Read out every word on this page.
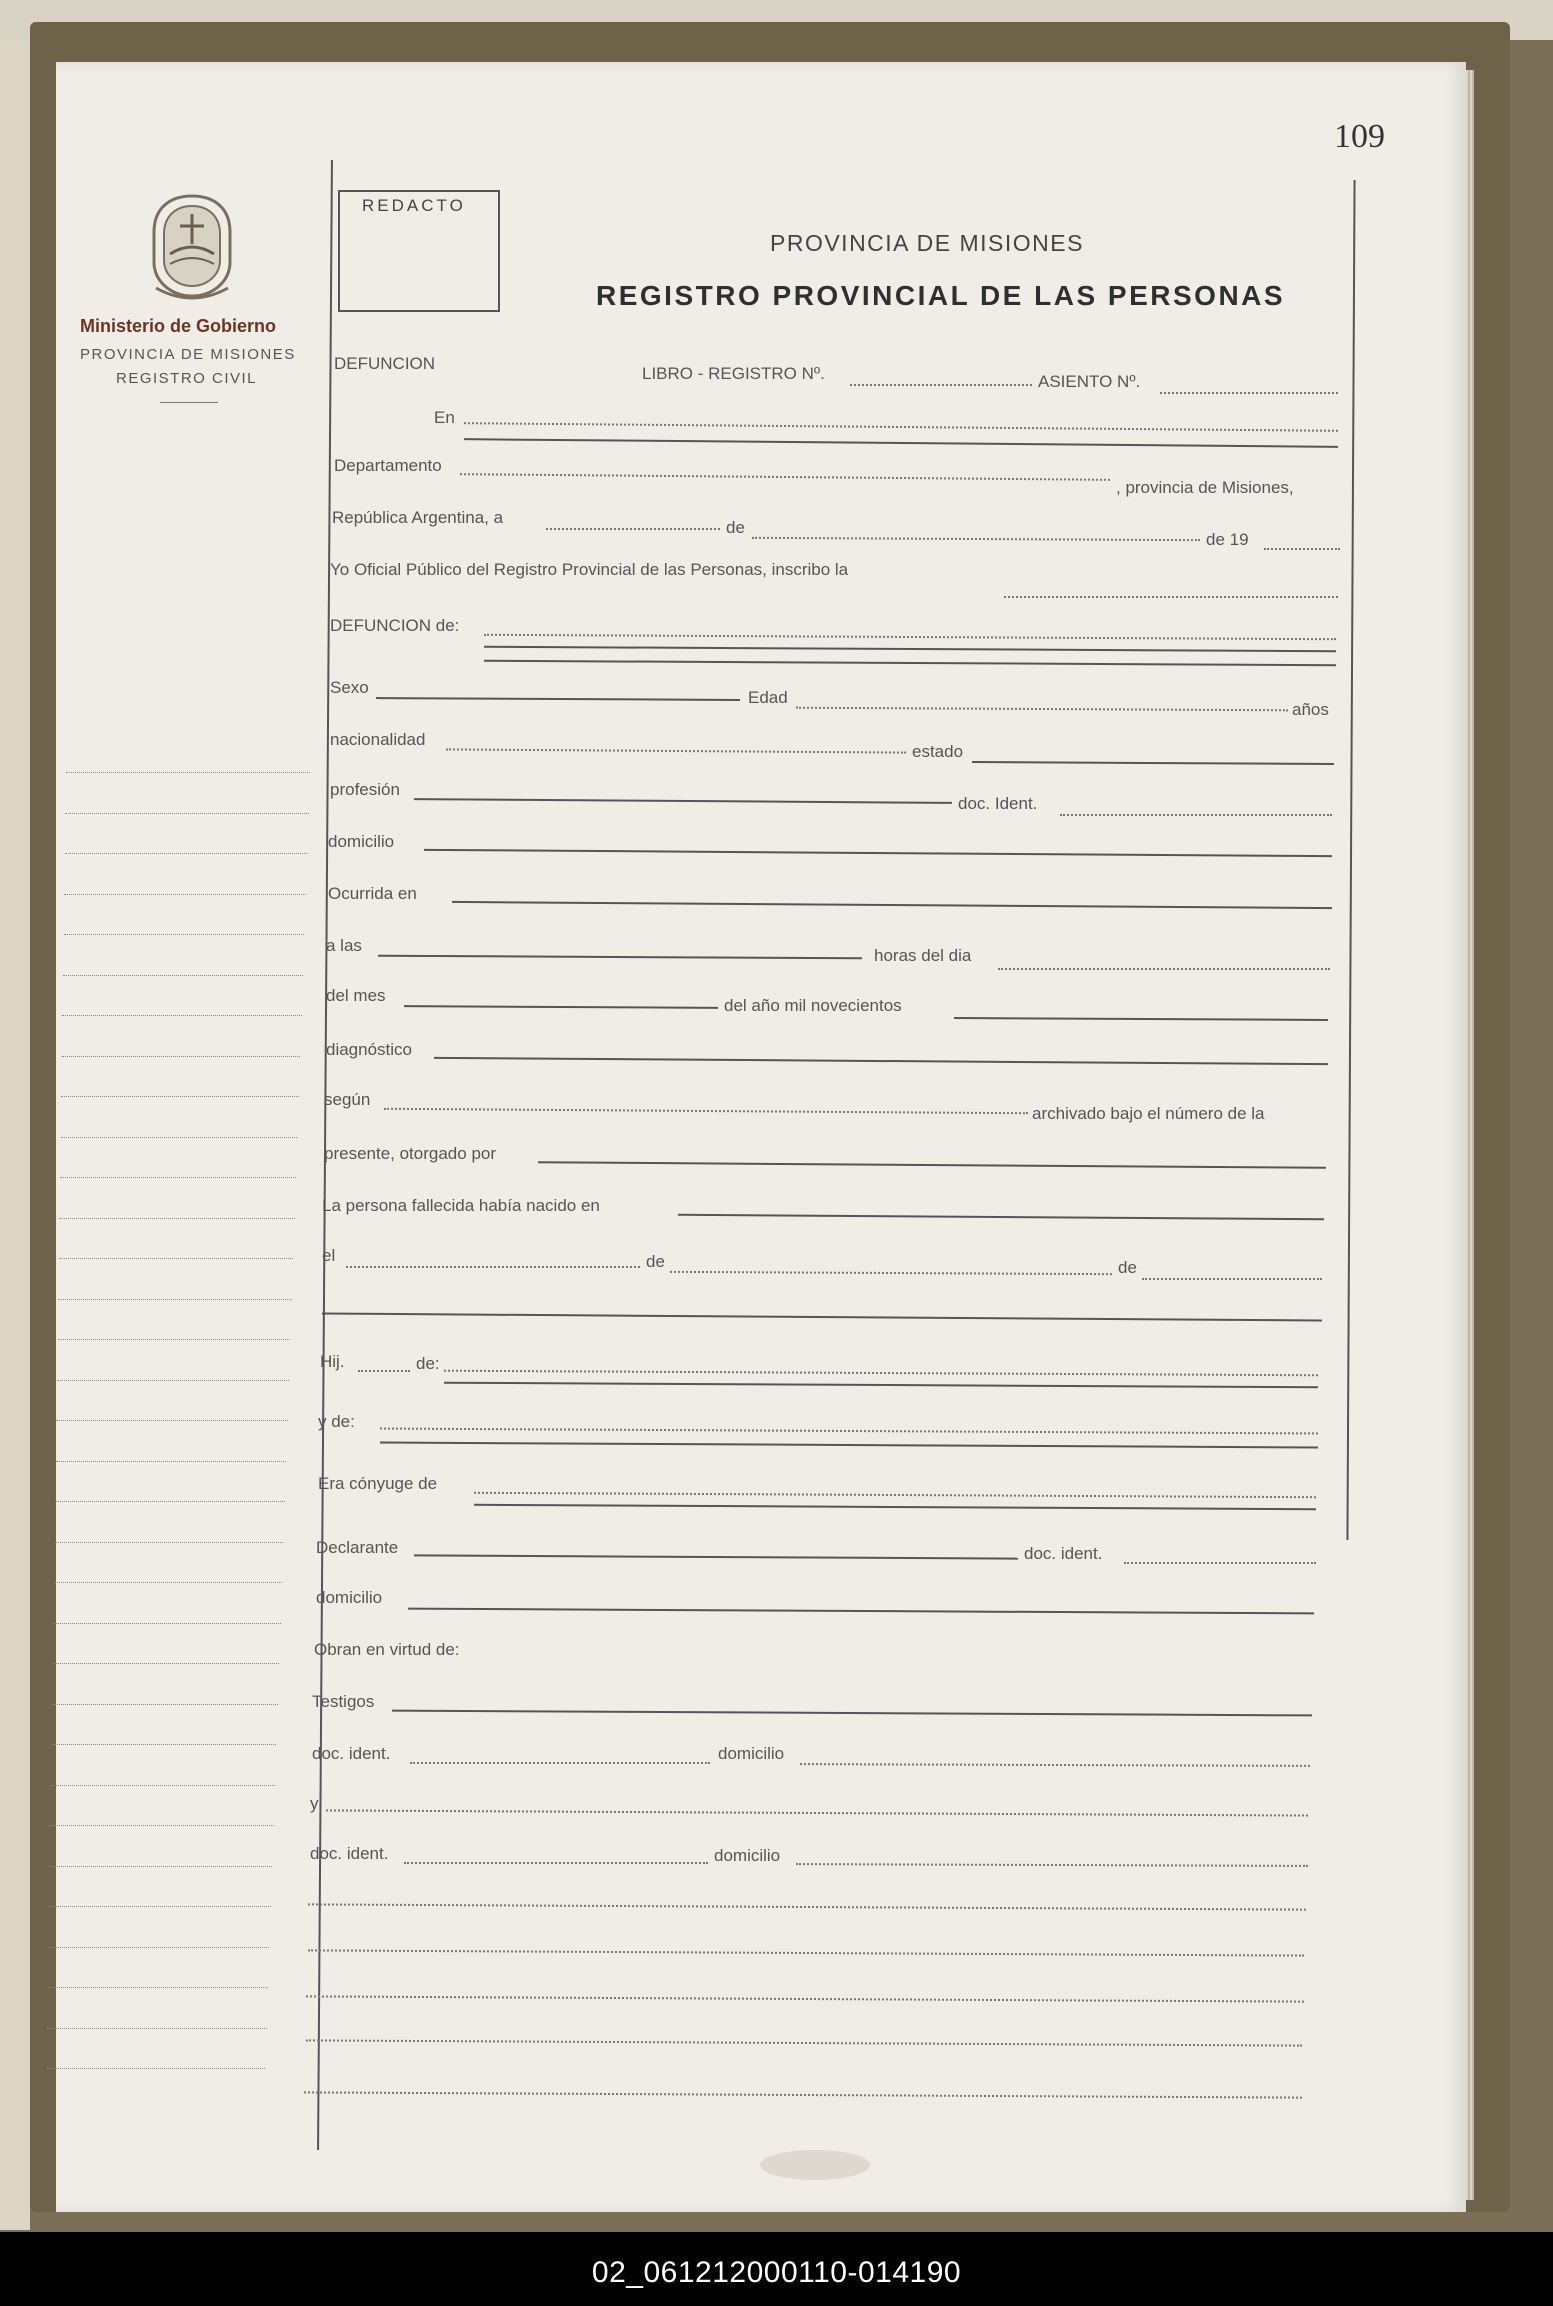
109
Ministerio de Gobierno
PROVINCIA DE MISIONES
REGISTRO CIVIL
REDACTO
PROVINCIA DE MISIONES
REGISTRO PROVINCIAL DE LAS PERSONAS
DEFUNCION
LIBRO - REGISTRO Nº.	ASIENTO Nº.
En
Departamento
, provincia de Misiones,
República Argentina, a
de
de 19
Yo Oficial Público del Registro Provincial de las Personas, inscribo la
DEFUNCION de:
Sexo
Edad
años
nacionalidad
estado
profesión
doc. Ident.
domicilio
Ocurrida en
a las
horas del dia
del mes
del año mil novecientos
diagnóstico
según
archivado bajo el número de la
presente, otorgado por
La persona fallecida había nacido en
el	de	de
Hij.	de:
y de:
Era cónyuge de
Declarante	doc. ident.
domicilio
Obran en virtud de:
Testigos
doc. ident.	domicilio
y
doc. ident.	domicilio
02_061212000110-014190
